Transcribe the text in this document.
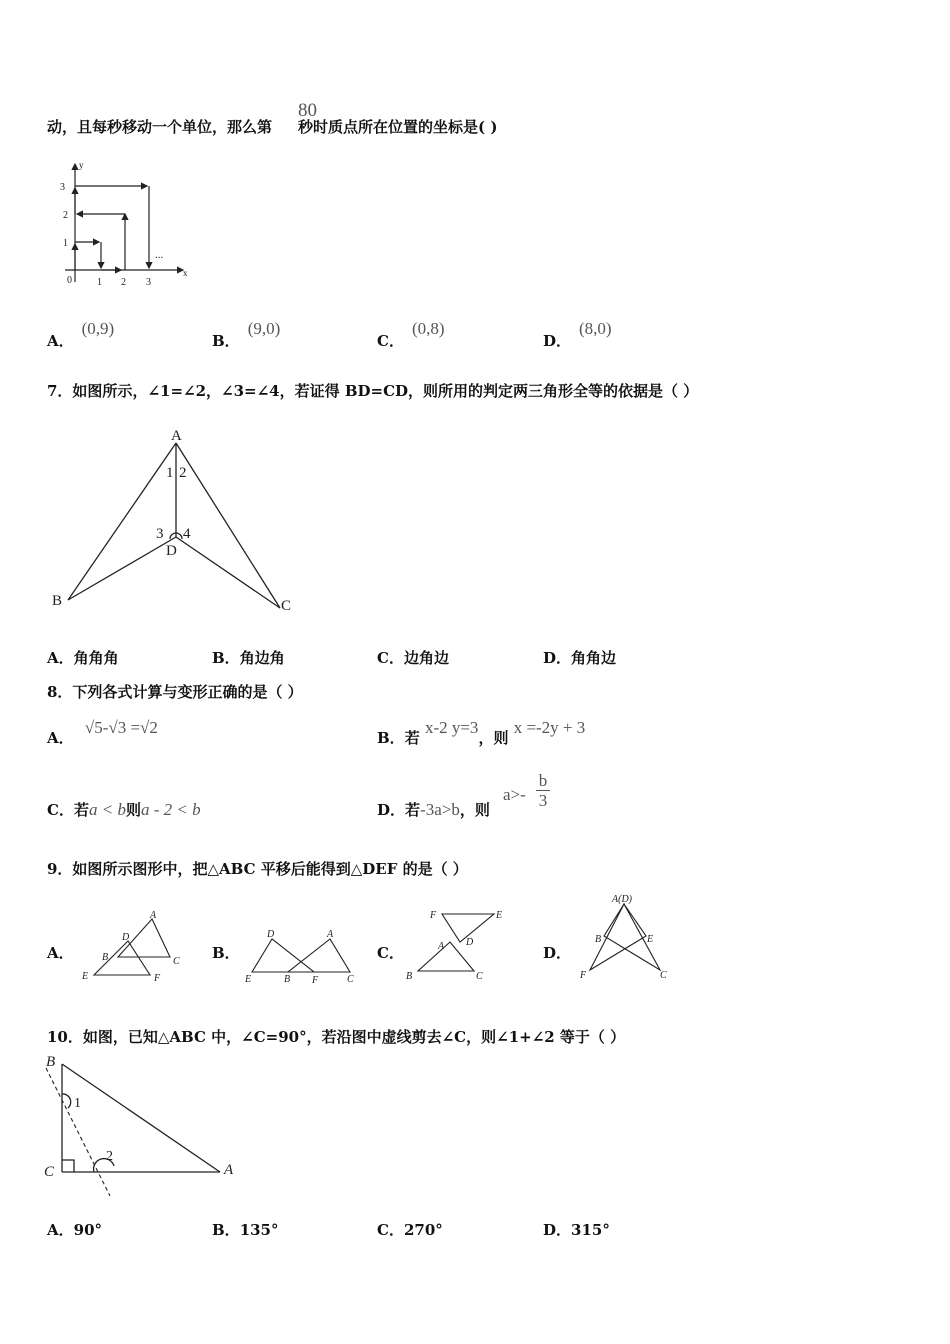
动，且每秒移动一个单位，那么第 秒时质点所在位置的坐标是( )
80
y
x
1
2
3
0	1 2 3
...
A．(0,9)
B．(9,0)
C．(0,8)
D．(8,0)
7．如图所示，∠1=∠2，∠3=∠4，若证得 BD=CD，则所用的判定两三角形全等的依据是（ ）
A
1 2
3 4
D
B	C
A．角角角	B．角边角	C．边角边	D．角角边
8．下列各式计算与变形正确的是（ ）
A． √5-√3 =√2
B．若 x-2 y=3，则 x =-2y + 3
C．若a < b则a - 2 < b	D．若-3a>b，则
a>-
b
3
9．如图所示图形中，把△ABC 平移后能得到△DEF 的是（ ）
A．
A
B	C
D
E	F
B．
D	A
E	B F	C
C．
F	E
A D
B	C
D．
A(D)
B	E
F	C
10．如图，已知△ABC 中，∠C=90°，若沿图中虚线剪去∠C，则∠1+∠2 等于（ ）
B
C	A
1
2
A．90°	B．135°	C．270°	D．315°
